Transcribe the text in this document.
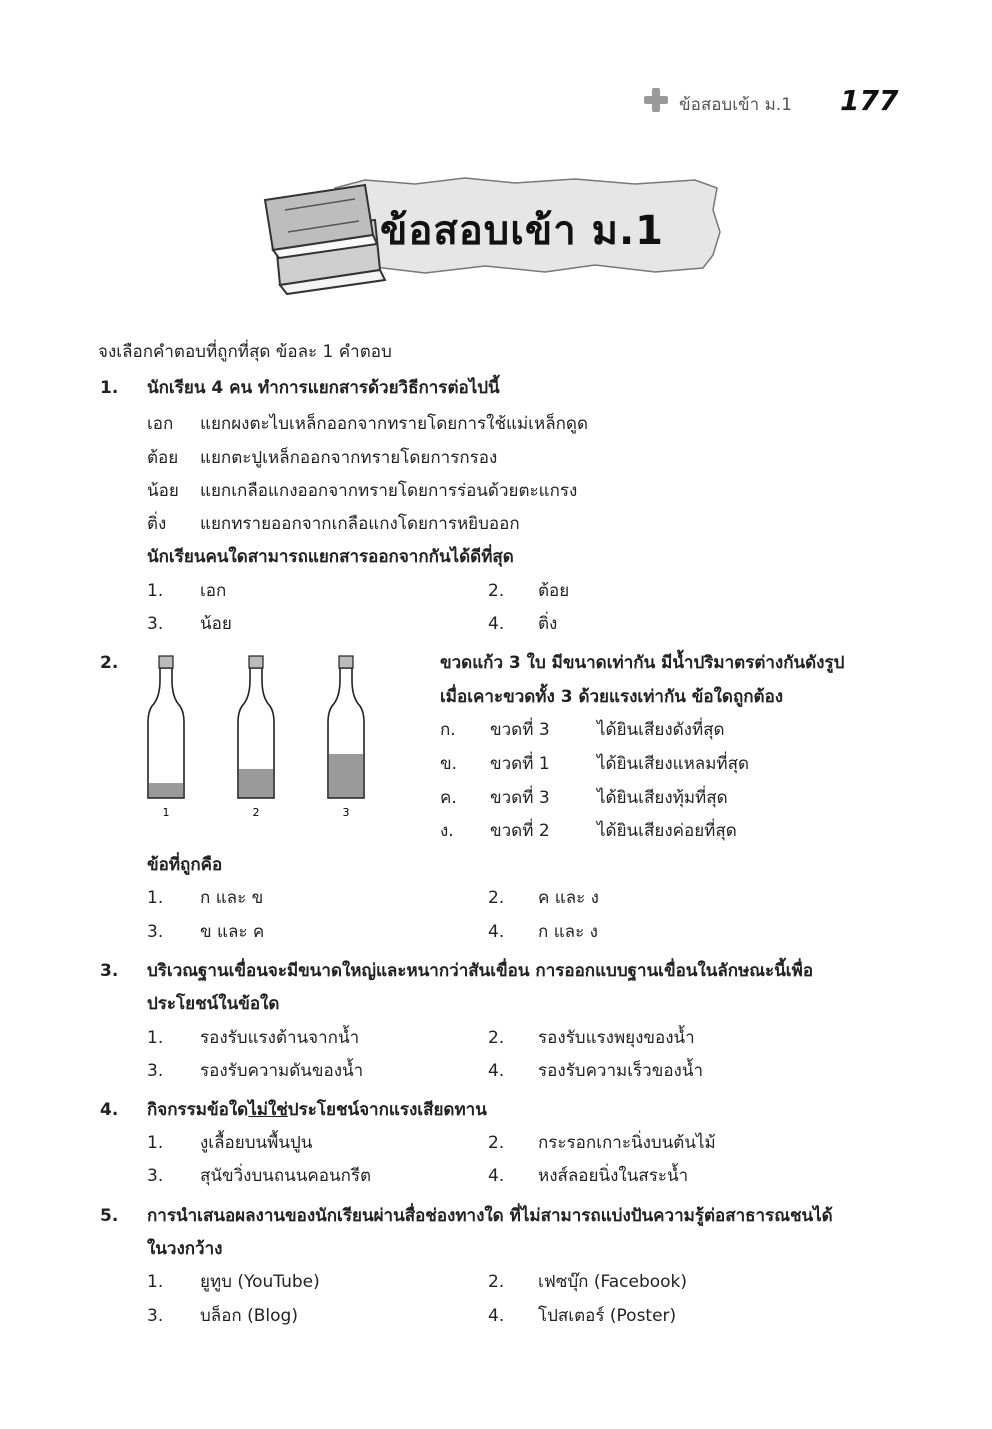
ข้อสอบเข้า ม.1 177
ข้อสอบเข้า ม.1
จงเลือกคำตอบที่ถูกที่สุด ข้อละ 1 คำตอบ
1. นักเรียน 4 คน ทำการแยกสารด้วยวิธีการต่อไปนี้
เอก แยกผงตะไบเหล็กออกจากทรายโดยการใช้แม่เหล็กดูด
ต้อย แยกตะปูเหล็กออกจากทรายโดยการกรอง
น้อย แยกเกลือแกงออกจากทรายโดยการร่อนด้วยตะแกรง
ติ่ง แยกทรายออกจากเกลือแกงโดยการหยิบออก
นักเรียนคนใดสามารถแยกสารออกจากกันได้ดีที่สุด
1. เอก	2. ต้อย
3. น้อย	4. ติ่ง
2.
1	2	3
ขวดแก้ว 3 ใบ มีขนาดเท่ากัน มีน้ำปริมาตรต่างกันดังรูป
เมื่อเคาะขวดทั้ง 3 ด้วยแรงเท่ากัน ข้อใดถูกต้อง
ก. ขวดที่ 3	ได้ยินเสียงดังที่สุด
ข. ขวดที่ 1	ได้ยินเสียงแหลมที่สุด
ค. ขวดที่ 3	ได้ยินเสียงทุ้มที่สุด
ง. ขวดที่ 2	ได้ยินเสียงค่อยที่สุด
ข้อที่ถูกคือ
1. ก และ ข	2. ค และ ง
3. ข และ ค	4. ก และ ง
3. บริเวณฐานเขื่อนจะมีขนาดใหญ่และหนากว่าสันเขื่อน การออกแบบฐานเขื่อนในลักษณะนี้เพื่อ
ประโยชน์ในข้อใด
1. รองรับแรงต้านจากน้ำ	2. รองรับแรงพยุงของน้ำ
3. รองรับความดันของน้ำ	4. รองรับความเร็วของน้ำ
4. กิจกรรมข้อใดไม่ใช่ประโยชน์จากแรงเสียดทาน
1. งูเลื้อยบนพื้นปูน	2. กระรอกเกาะนิ่งบนต้นไม้
3. สุนัขวิ่งบนถนนคอนกรีต	4. หงส์ลอยนิ่งในสระน้ำ
5. การนำเสนอผลงานของนักเรียนผ่านสื่อช่องทางใด ที่ไม่สามารถแบ่งปันความรู้ต่อสาธารณชนได้
ในวงกว้าง
1. ยูทูบ (YouTube)	2. เฟซบุ๊ก (Facebook)
3. บล็อก (Blog)	4. โปสเตอร์ (Poster)
